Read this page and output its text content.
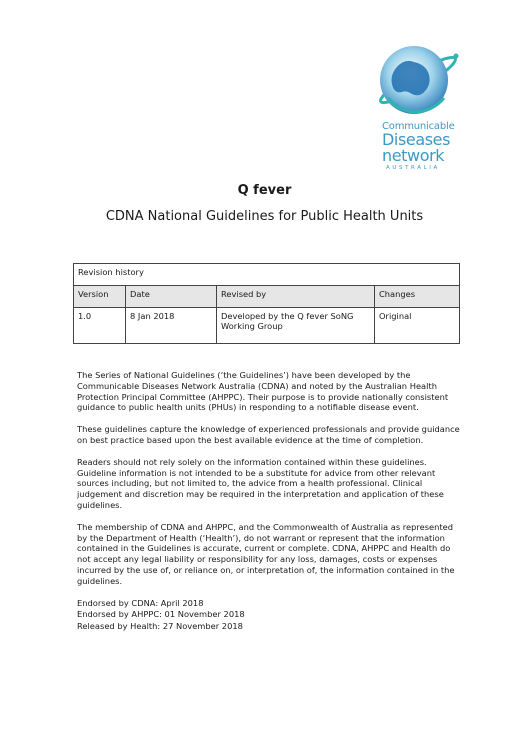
Communicable
Diseases
network
AUSTRALIA
Q fever
CDNA National Guidelines for Public Health Units
Revision history			
Version	Date	Revised by	Changes
1.0	8 Jan 2018	Developed by the Q fever SoNG Working Group	Original

The Series of National Guidelines (‘the Guidelines’) have been developed by the Communicable Diseases Network Australia (CDNA) and noted by the Australian Health Protection Principal Committee (AHPPC). Their purpose is to provide nationally consistent guidance to public health units (PHUs) in responding to a notifiable disease event.

These guidelines capture the knowledge of experienced professionals and provide guidance on best practice based upon the best available evidence at the time of completion.

Readers should not rely solely on the information contained within these guidelines. Guideline information is not intended to be a substitute for advice from other relevant sources including, but not limited to, the advice from a health professional. Clinical judgement and discretion may be required in the interpretation and application of these guidelines.

The membership of CDNA and AHPPC, and the Commonwealth of Australia as represented by the Department of Health (‘Health’), do not warrant or represent that the information contained in the Guidelines is accurate, current or complete. CDNA, AHPPC and Health do not accept any legal liability or responsibility for any loss, damages, costs or expenses incurred by the use of, or reliance on, or interpretation of, the information contained in the guidelines.

Endorsed by CDNA: April 2018
Endorsed by AHPPC: 01 November 2018
Released by Health: 27 November 2018
